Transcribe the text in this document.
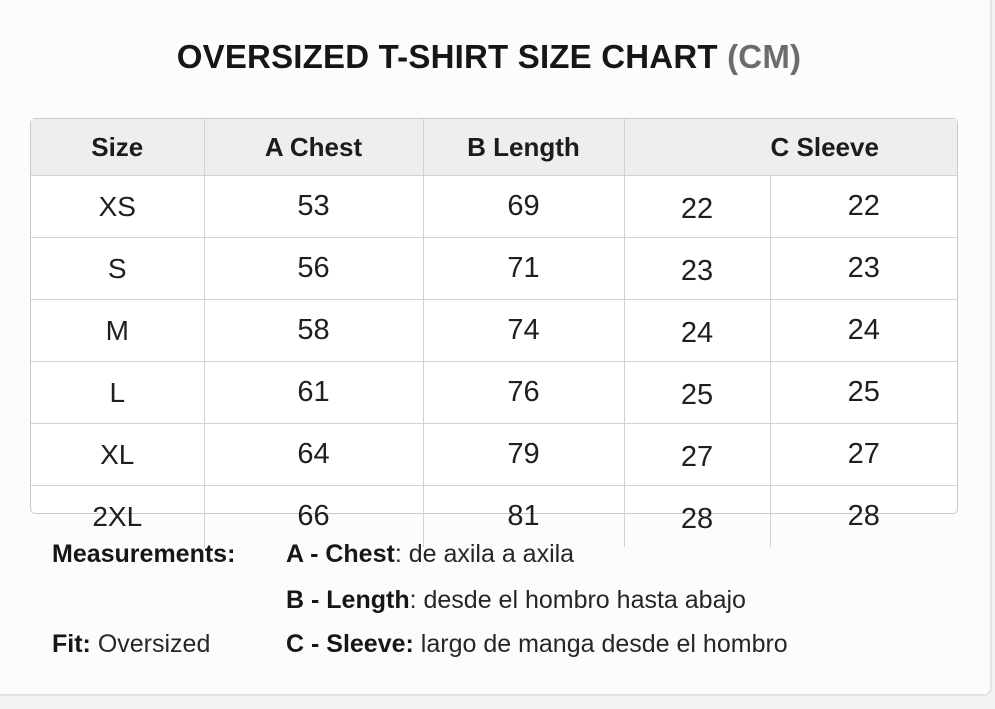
OVERSIZED T-SHIRT SIZE CHART (CM)
Size	A Chest	B Length	C Sleeve	
XS	53	69	22	22
S	56	71	23	23
M	58	74	24	24
L	61	76	25	25
XL	64	79	27	27
2XL	66	81	28	28
Measurements: A - Chest: de axila a axila
B - Length: desde el hombro hasta abajo
Fit: Oversized	C - Sleeve: largo de manga desde el hombro
